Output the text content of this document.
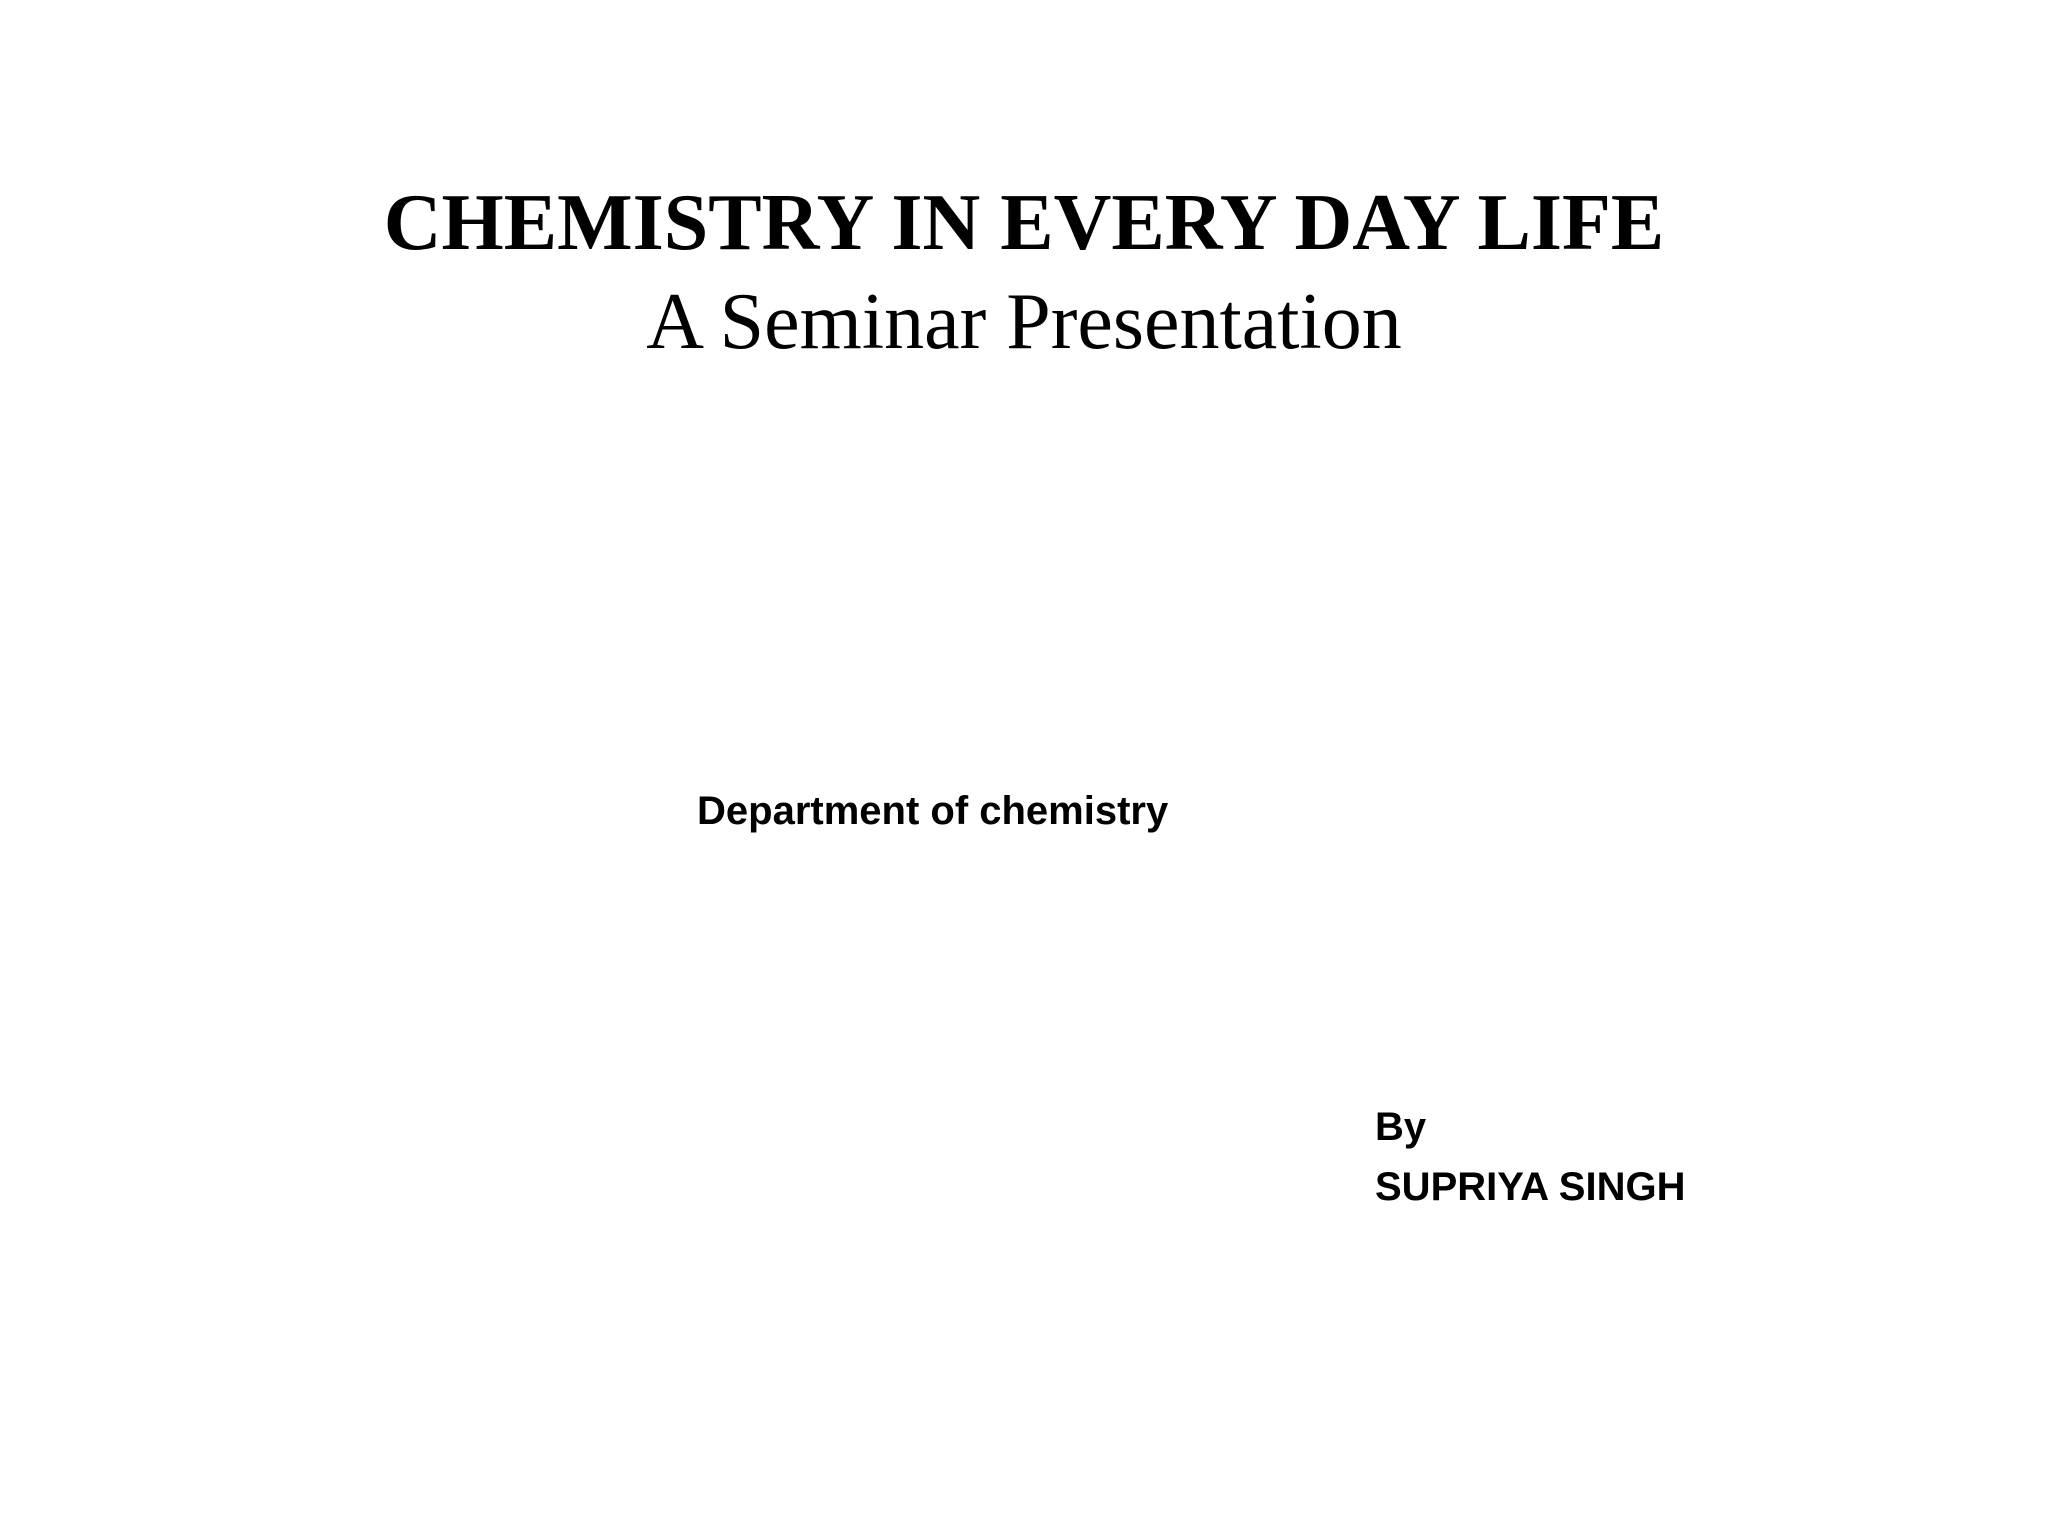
CHEMISTRY IN EVERY DAY LIFE
A Seminar Presentation

Department of chemistry

By
SUPRIYA SINGH
